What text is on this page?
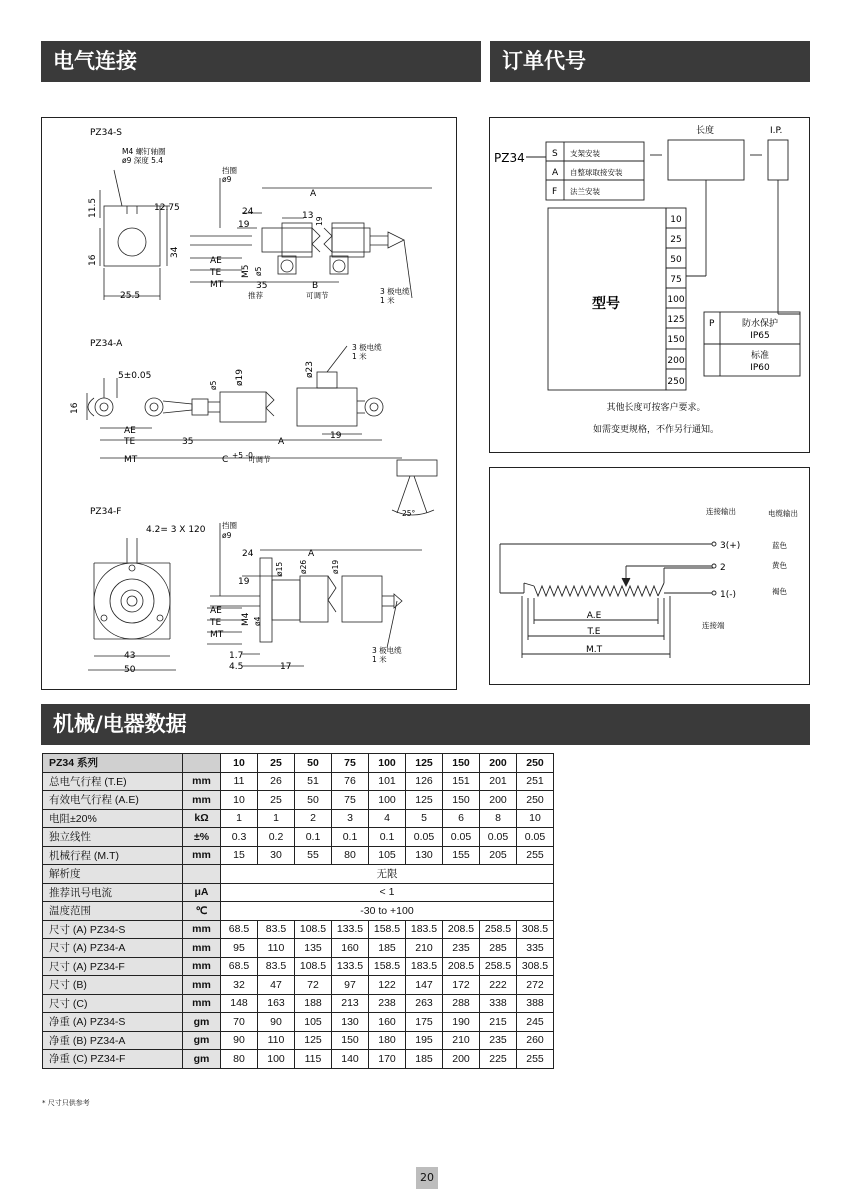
电气连接	订单代号
机械/电器数据
PZ34-S
M4 螺钉轴圈
ø9 深度 5.4
挡圈
ø9
11.5	12.75
16
34
25.5
A
24	13
19
19
AE
TE
MT
M5 ø5
35
推荐
B
可调节	3 极电缆
1 米
PZ34-A
5±0.05
16
ø5 ø19	ø23
3 极电缆
1 米
AE
TE
MT
35	A
19
C +5 -0
可调节
25°
PZ34-F
4.2= 3 X 120 挡圈
ø9
24	A
19
ø15 ø26	ø19
AE
TE
MT
M4 ø4
43
50
1.7
4.5	17
3 极电缆
1 米
PZ34	S 支架安装
A 自整球取接安装
F 法兰安装
长度	I.P.
型号
10
25
50
75
100
125
150
200
250
P	防水保护
IP65
标准
IP60
其他长度可按客户要求。
如需变更规格，不作另行通知。
连接输出	电缆输出
3(+)
2
1(-)
蓝色
黄色
褐色
A.E
T.E
M.T
连接端
PZ34 系列		10	25	50	75	100	125	150	200	250
总电气行程 (T.E)	mm	11	26	51	76	101	126	151	201	251
有效电气行程 (A.E)	mm	10	25	50	75	100	125	150	200	250
电阻±20%	kΩ	1	1	2	3	4	5	6	8	10
独立线性	±%	0.3	0.2	0.1	0.1	0.1	0.05	0.05	0.05	0.05
机械行程 (M.T)	mm	15	30	55	80	105	130	155	205	255
解析度		无限								
推荐讯号电流	μA	< 1								
温度范围	℃	-30 to +100								
尺寸 (A) PZ34-S	mm	68.5	83.5	108.5	133.5	158.5	183.5	208.5	258.5	308.5
尺寸 (A) PZ34-A	mm	95	110	135	160	185	210	235	285	335
尺寸 (A) PZ34-F	mm	68.5	83.5	108.5	133.5	158.5	183.5	208.5	258.5	308.5
尺寸 (B)	mm	32	47	72	97	122	147	172	222	272
尺寸 (C)	mm	148	163	188	213	238	263	288	338	388
净重 (A) PZ34-S	gm	70	90	105	130	160	175	190	215	245
净重 (B) PZ34-A	gm	90	110	125	150	180	195	210	235	260
净重 (C) PZ34-F	gm	80	100	115	140	170	185	200	225	255
* 尺寸只供参考
20
